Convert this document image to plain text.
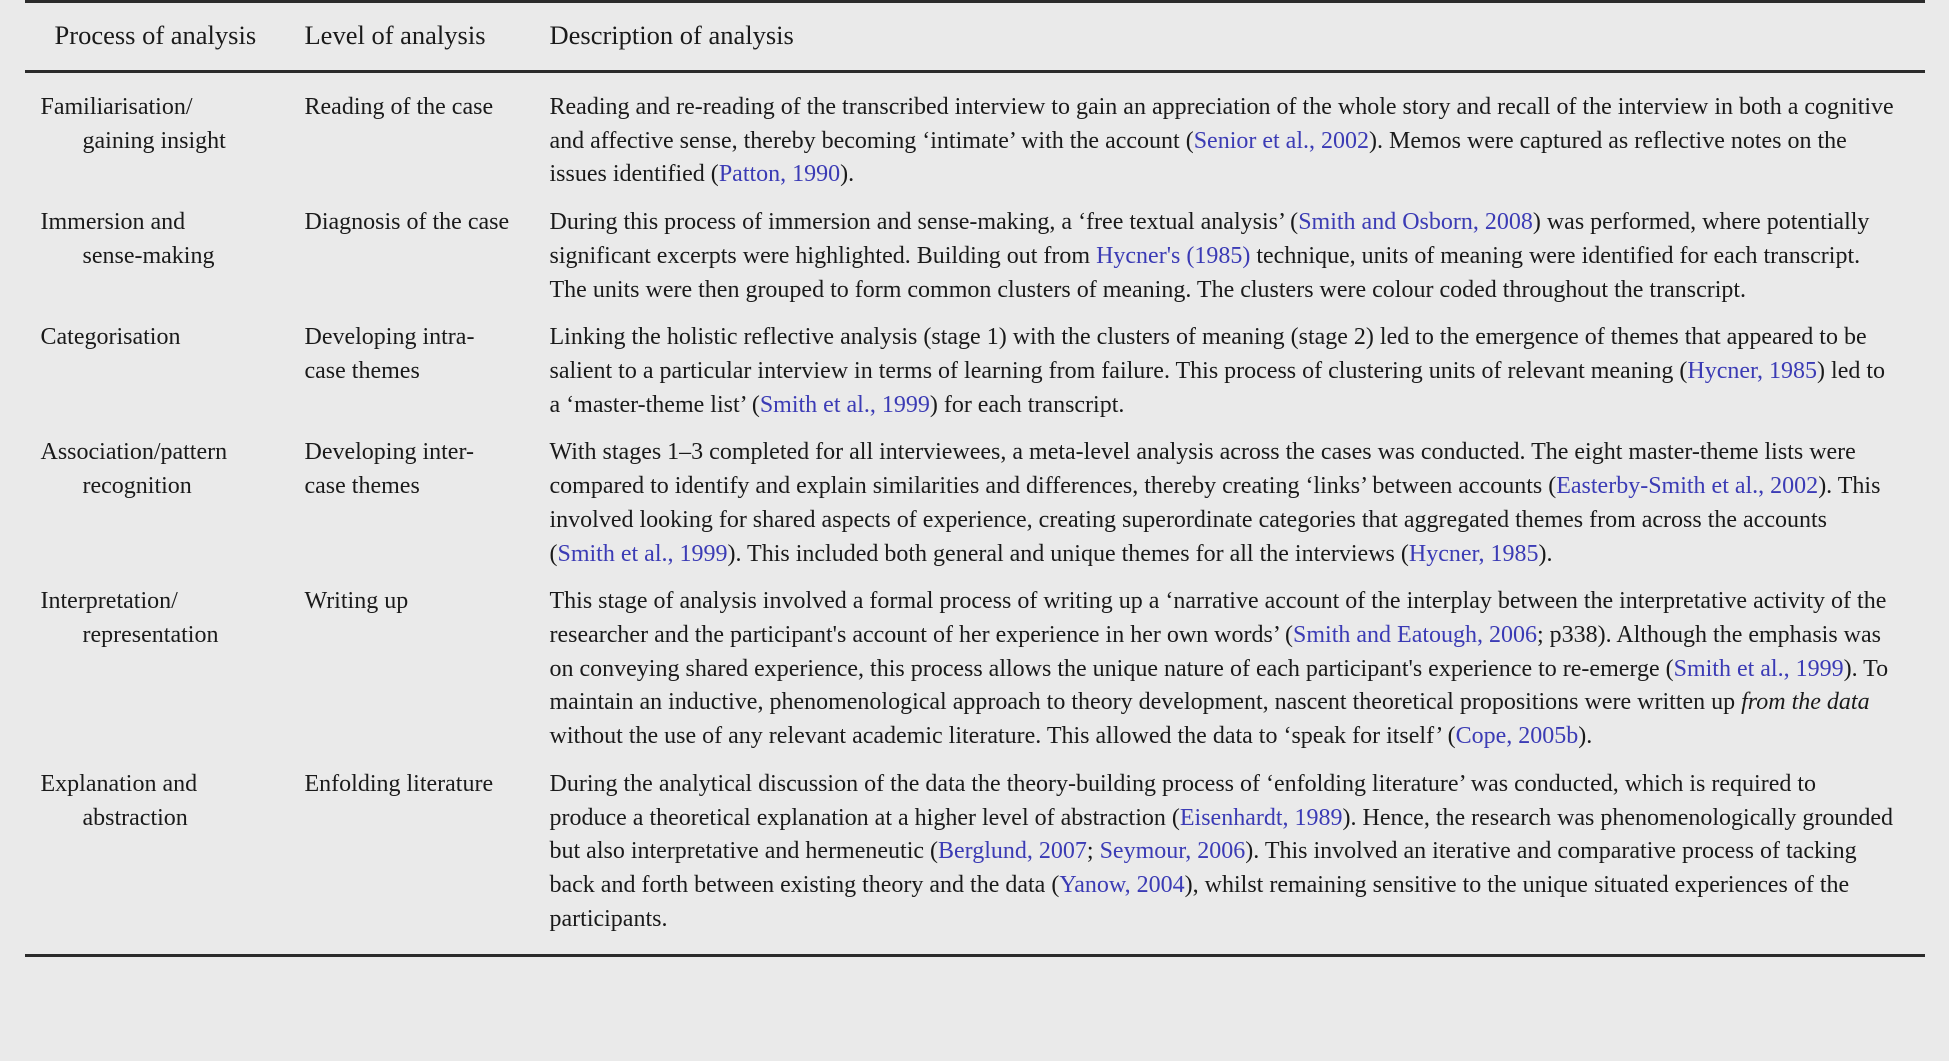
Process of analysis	Level of analysis	Description of analysis

Familiarisation/
gaining insight	Reading of the case	Reading and re-reading of the transcribed interview to gain an appreciation of the whole story and recall of the interview in both a cognitive and affective sense, thereby becoming ‘intimate’ with the account (Senior et al., 2002). Memos were captured as reflective notes on the issues identified (Patton, 1990).

Immersion and
sense-making	Diagnosis of the case	During this process of immersion and sense-making, a ‘free textual analysis’ (Smith and Osborn, 2008) was performed, where potentially significant excerpts were highlighted. Building out from Hycner's (1985) technique, units of meaning were identified for each transcript. The units were then grouped to form common clusters of meaning. The clusters were colour coded throughout the transcript.

Categorisation	Developing intra-
case themes	Linking the holistic reflective analysis (stage 1) with the clusters of meaning (stage 2) led to the emergence of themes that appeared to be salient to a particular interview in terms of learning from failure. This process of clustering units of relevant meaning (Hycner, 1985) led to a ‘master-theme list’ (Smith et al., 1999) for each transcript.

Association/pattern
recognition	Developing inter-
case themes	With stages 1–3 completed for all interviewees, a meta-level analysis across the cases was conducted. The eight master-theme lists were compared to identify and explain similarities and differences, thereby creating ‘links’ between accounts (Easterby-Smith et al., 2002). This involved looking for shared aspects of experience, creating superordinate categories that aggregated themes from across the accounts (Smith et al., 1999). This included both general and unique themes for all the interviews (Hycner, 1985).

Interpretation/
representation	Writing up	This stage of analysis involved a formal process of writing up a ‘narrative account of the interplay between the interpretative activity of the researcher and the participant's account of her experience in her own words’ (Smith and Eatough, 2006; p338). Although the emphasis was on conveying shared experience, this process allows the unique nature of each participant's experience to re-emerge (Smith et al., 1999). To maintain an inductive, phenomenological approach to theory development, nascent theoretical propositions were written up from the data without the use of any relevant academic literature. This allowed the data to ‘speak for itself’ (Cope, 2005b).

Explanation and
abstraction	Enfolding literature	During the analytical discussion of the data the theory-building process of ‘enfolding literature’ was conducted, which is required to produce a theoretical explanation at a higher level of abstraction (Eisenhardt, 1989). Hence, the research was phenomenologically grounded but also interpretative and hermeneutic (Berglund, 2007; Seymour, 2006). This involved an iterative and comparative process of tacking back and forth between existing theory and the data (Yanow, 2004), whilst remaining sensitive to the unique situated experiences of the participants.
